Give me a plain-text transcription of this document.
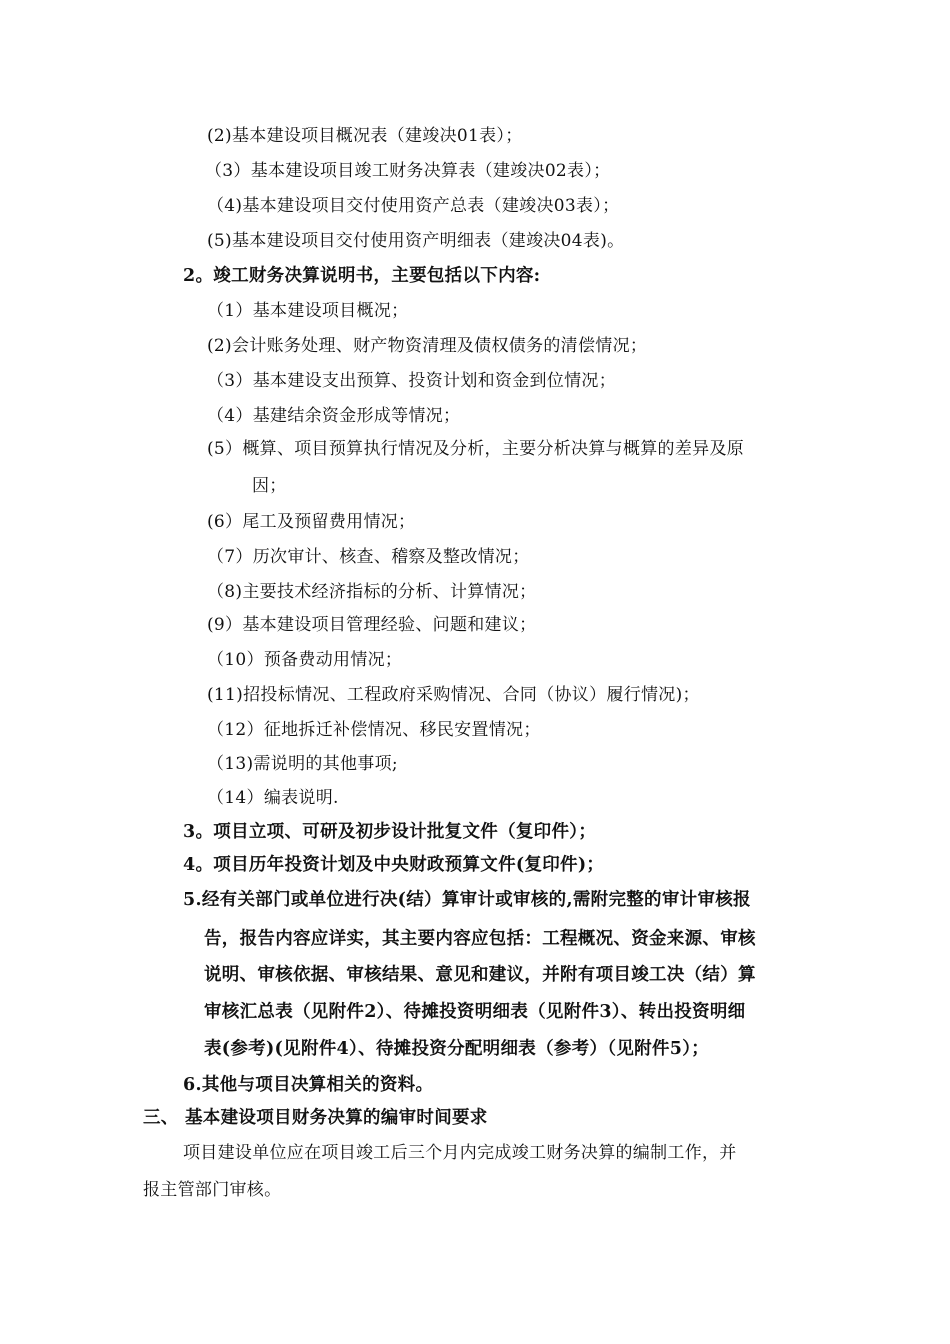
(2)基本建设项目概况表（建竣决01表）；
（3）基本建设项目竣工财务决算表（建竣决02表）；
（4)基本建设项目交付使用资产总表（建竣决03表）；
(5)基本建设项目交付使用资产明细表（建竣决04表)。
2。竣工财务决算说明书，主要包括以下内容:
（1）基本建设项目概况；
(2)会计账务处理、财产物资清理及债权债务的清偿情况；
（3）基本建设支出预算、投资计划和资金到位情况；
（4）基建结余资金形成等情况；
(5）概算、项目预算执行情况及分析，主要分析决算与概算的差异及原
因；
(6）尾工及预留费用情况；
（7）历次审计、核查、稽察及整改情况；
（8)主要技术经济指标的分析、计算情况；
(9）基本建设项目管理经验、问题和建议；
（10）预备费动用情况；
(11)招投标情况、工程政府采购情况、合同（协议）履行情况)；
（12）征地拆迁补偿情况、移民安置情况；
（13)需说明的其他事项;
（14）编表说明.
3。项目立项、可研及初步设计批复文件（复印件）；
4。项目历年投资计划及中央财政预算文件(复印件)；
5.经有关部门或单位进行决(结）算审计或审核的,需附完整的审计审核报
告，报告内容应详实，其主要内容应包括：工程概况、资金来源、审核
说明、审核依据、审核结果、意见和建议，并附有项目竣工决（结）算
审核汇总表（见附件2）、待摊投资明细表（见附件3）、转出投资明细
表(参考)(见附件4）、待摊投资分配明细表（参考）（见附件5）；
6.其他与项目决算相关的资料。
三、 基本建设项目财务决算的编审时间要求
项目建设单位应在项目竣工后三个月内完成竣工财务决算的编制工作，并
报主管部门审核。
